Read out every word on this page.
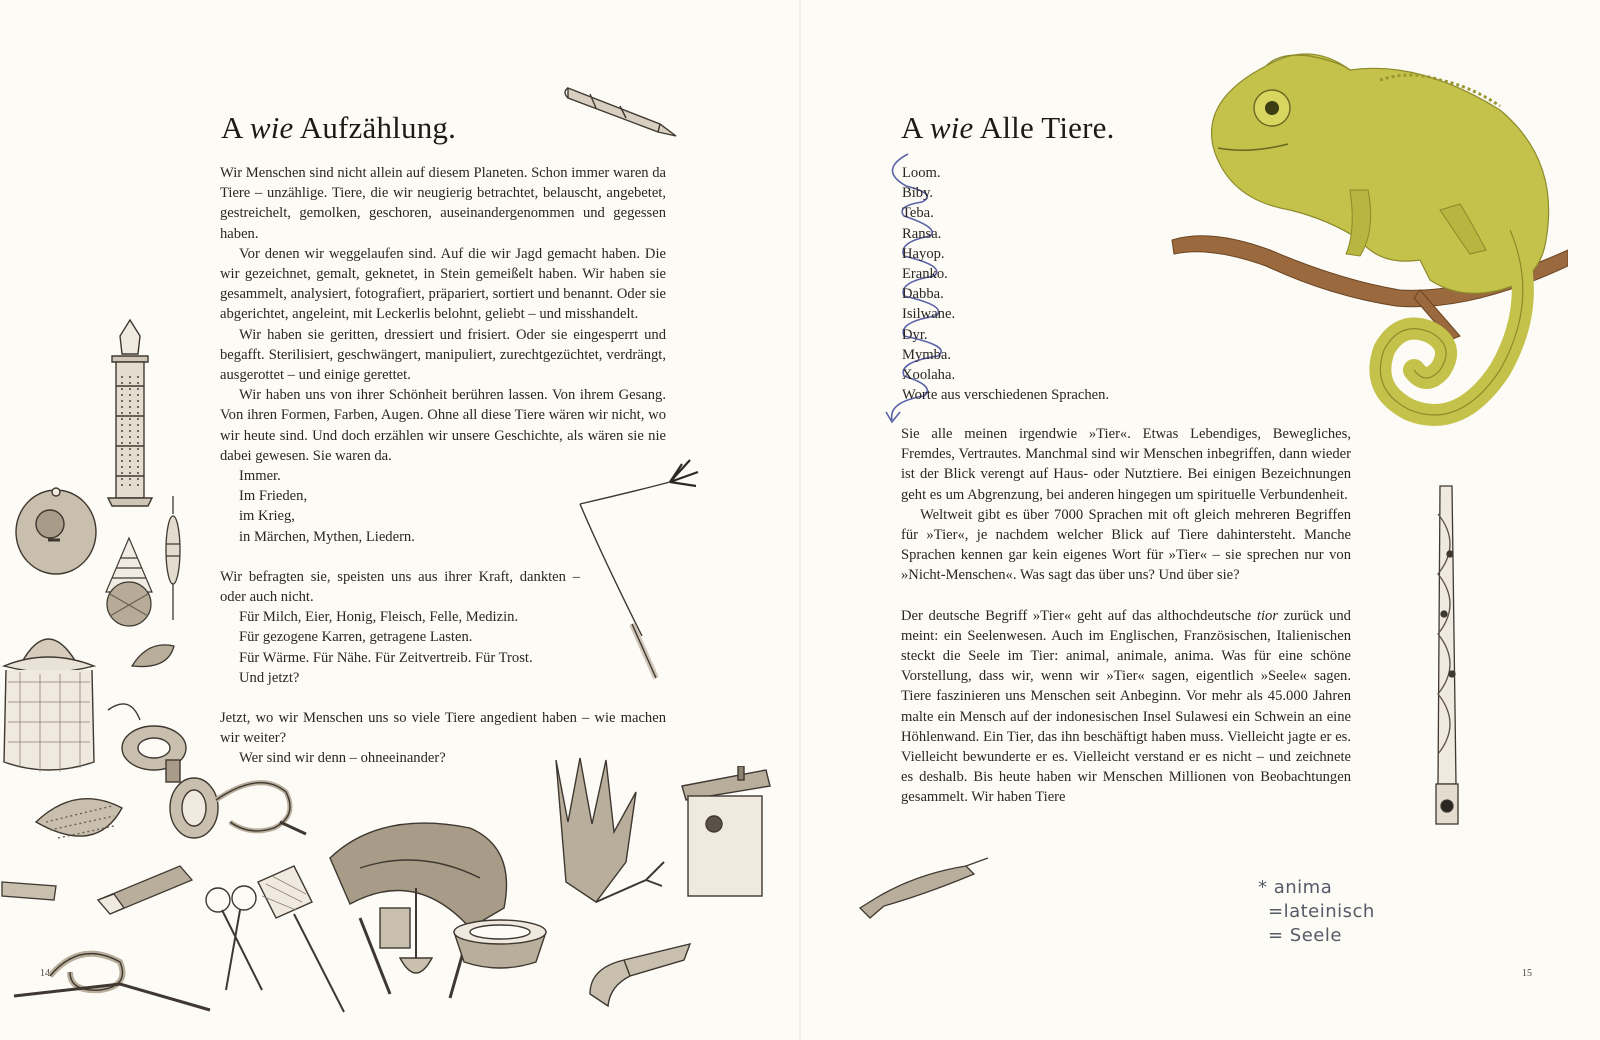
A wie Aufzählung.

Wir Menschen sind nicht allein auf diesem Planeten. Schon immer waren da Tiere – unzählige. Tiere, die wir neugierig betrachtet, belauscht, angebetet, gestreichelt, gemolken, geschoren, auseinandergenommen und gegessen haben.

Vor denen wir weggelaufen sind. Auf die wir Jagd gemacht haben. Die wir gezeichnet, gemalt, geknetet, in Stein gemeißelt haben. Wir haben sie gesammelt, analysiert, fotografiert, präpariert, sortiert und benannt. Oder sie abgerichtet, angeleint, mit Leckerlis belohnt, geliebt – und misshandelt.

Wir haben sie geritten, dressiert und frisiert. Oder sie eingesperrt und begafft. Sterilisiert, geschwängert, manipuliert, zurechtgezüchtet, verdrängt, ausgerottet – und einige gerettet.

Wir haben uns von ihrer Schönheit berühren lassen. Von ihrem Gesang. Von ihren Formen, Farben, Augen. Ohne all diese Tiere wären wir nicht, wo wir heute sind. Und doch erzählen wir unsere Geschichte, als wären sie nie dabei gewesen. Sie waren da.

Immer.

Im Frieden,

im Krieg,

in Märchen, Mythen, Liedern.

Wir befragten sie, speisten uns aus ihrer Kraft, dankten – oder auch nicht.

Für Milch, Eier, Honig, Fleisch, Felle, Medizin.

Für gezogene Karren, getragene Lasten.

Für Wärme. Für Nähe. Für Zeitvertreib. Für Trost.

Und jetzt?

Jetzt, wo wir Menschen uns so viele Tiere angedient haben – wie machen wir weiter?

Wer sind wir denn – ohneeinander?

14
A wie Alle Tiere.
Loom.
Biby.
Teba.
Ransa.
Hayop.
Eranko.
Dabba.
Isilwane.
Dyr.
Mymba.
Xoolaha.
Worte aus verschiedenen Sprachen.

Sie alle meinen irgendwie »Tier«. Etwas Lebendiges, Bewegliches, Fremdes, Vertrautes. Manchmal sind wir Menschen inbegriffen, dann wieder ist der Blick verengt auf Haus- oder Nutztiere. Bei einigen Bezeichnungen geht es um Abgrenzung, bei anderen hingegen um spirituelle Verbundenheit.

Weltweit gibt es über 7000 Sprachen mit oft gleich mehreren Begriffen für »Tier«, je nachdem welcher Blick auf Tiere dahintersteht. Manche Sprachen kennen gar kein eigenes Wort für »Tier« – sie sprechen nur von »Nicht-Menschen«. Was sagt das über uns? Und über sie?

Der deutsche Begriff »Tier« geht auf das althochdeutsche tior zurück und meint: ein Seelenwesen. Auch im Englischen, Französischen, Italienischen steckt die Seele im Tier: animal, animale, anima. Was für eine schöne Vorstellung, dass wir, wenn wir »Tier« sagen, eigentlich »Seele« sagen. Tiere faszinieren uns Menschen seit Anbeginn. Vor mehr als 45.000 Jahren malte ein Mensch auf der indonesischen Insel Sulawesi ein Schwein an eine Höhlenwand. Ein Tier, das ihn beschäftigt haben muss. Vielleicht jagte er es. Vielleicht bewunderte er es. Vielleicht verstand er es nicht – und zeichnete es deshalb. Bis heute haben wir Menschen Millionen von Beobachtungen gesammelt. Wir haben Tiere

15
* anima
=lateinisch
= Seele
